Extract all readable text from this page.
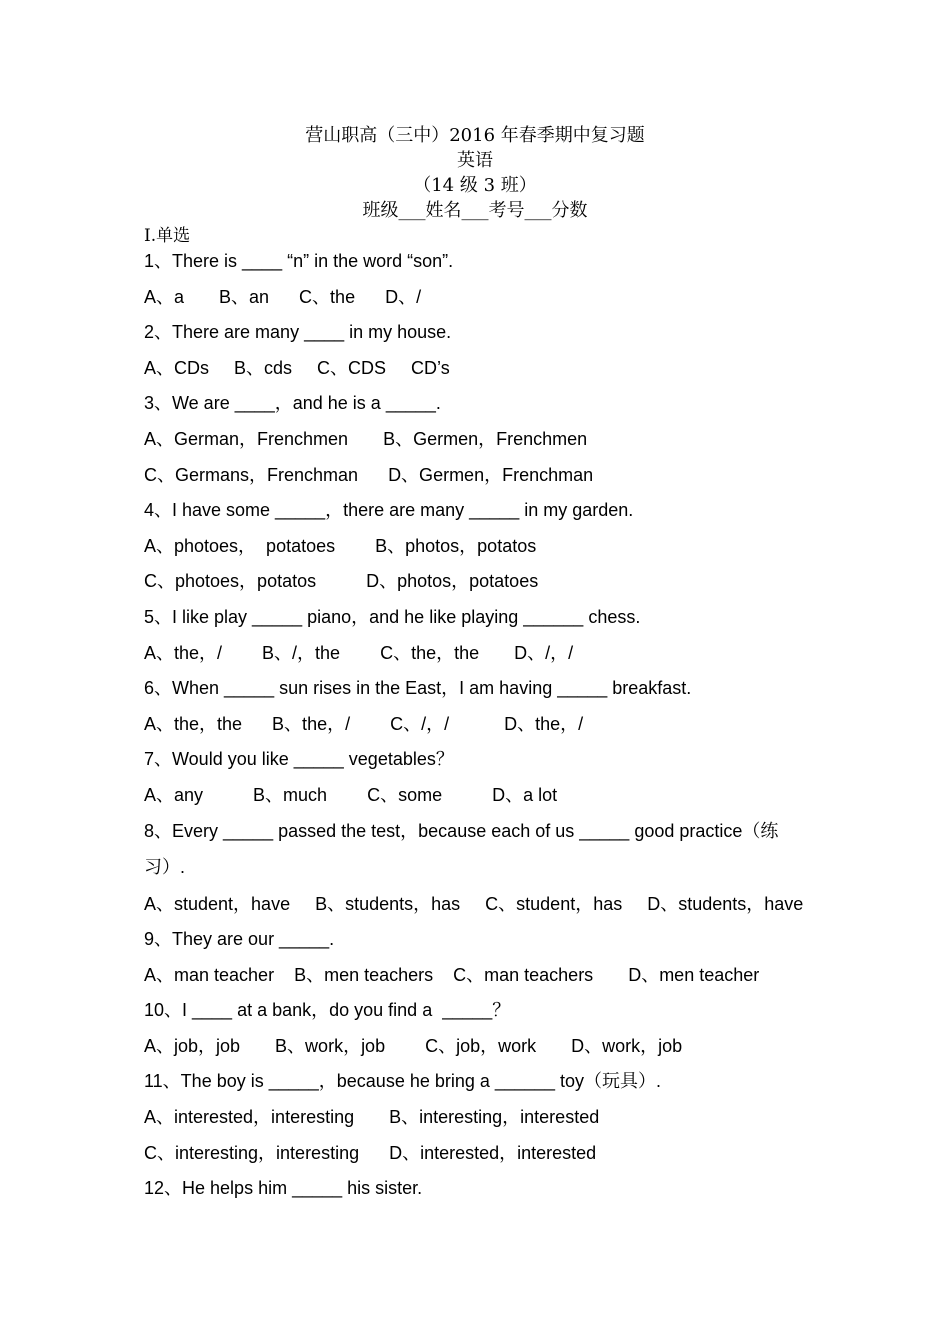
营山职高（三中）2016 年春季期中复习题
英语
（14 级 3 班）
班级___姓名___考号___分数
I.单选
1、There is ____ “n” in the word “son”.
A、a       B、an      C、the      D、/
2、There are many ____ in my house.
A、CDs     B、cds     C、CDS     CD’s
3、We are ____，and he is a _____.
A、German，Frenchmen       B、Germen，Frenchmen
C、Germans，Frenchman      D、Germen，Frenchman
4、I have some _____，there are many _____ in my garden.
A、photoes，  potatoes        B、photos，potatos
C、photoes，potatos          D、photos，potatoes
5、I like play _____ piano，and he like playing ______ chess.
A、the，/        B、/，the        C、the，the       D、/，/
6、When _____ sun rises in the East，I am having _____ breakfast.
A、the，the      B、the，/        C、/，/           D、the，/
7、Would you like _____ vegetables？
A、any          B、much        C、some          D、a lot
8、Every _____ passed the test，because each of us _____ good practice（练
习）.
A、student，have     B、students，has     C、student，has     D、students，have
9、They are our _____.
A、man teacher    B、men teachers    C、man teachers       D、men teacher
10、I ____ at a bank，do you find a  _____？
A、job，job       B、work，job        C、job，work       D、work，job
11、The boy is _____，because he bring a ______ toy（玩具）.
A、interested，interesting       B、interesting，interested
C、interesting，interesting      D、interested，interested
12、He helps him _____ his sister.
